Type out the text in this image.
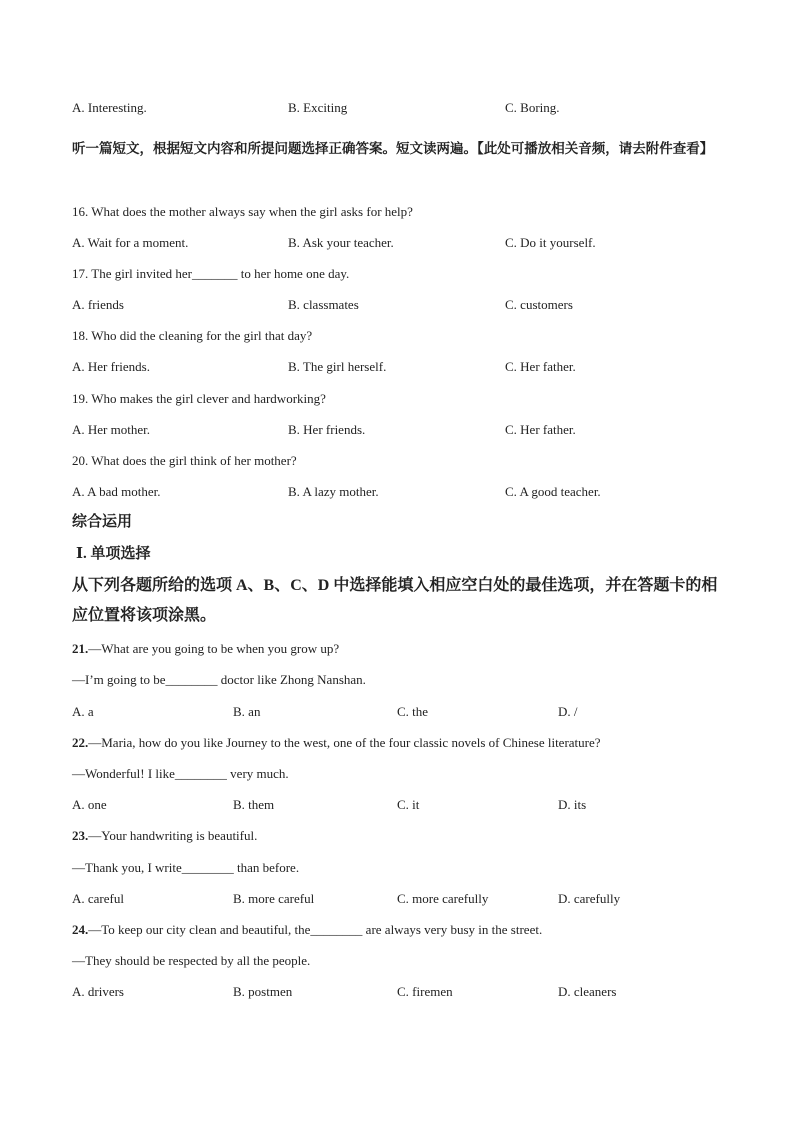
A. Interesting.	B. Exciting	C. Boring.
听一篇短文，根据短文内容和所提问题选择正确答案。短文读两遍。【此处可播放相关音频，请去附件查看】
16. What does the mother always say when the girl asks for help?
A. Wait for a moment.	B. Ask your teacher.	C. Do it yourself.
17. The girl invited her_______ to her home one day.
A. friends	B. classmates	C. customers
18. Who did the cleaning for the girl that day?
A. Her friends.	B. The girl herself.	C. Her father.
19. Who makes the girl clever and hardworking?
A. Her mother.	B. Her friends.	C. Her father.
20. What does the girl think of her mother?
A. A bad mother.	B. A lazy mother.	C. A good teacher.
综合运用
Ⅰ. 单项选择
从下列各题所给的选项 A、B、C、D 中选择能填入相应空白处的最佳选项，并在答题卡的相
应位置将该项涂黑。
21.—What are you going to be when you grow up?
—I’m going to be________ doctor like Zhong Nanshan.
A. a	B. an	C. the	D. /
22.—Maria, how do you like Journey to the west, one of the four classic novels of Chinese literature?
—Wonderful! I like________ very much.
A. one	B. them	C. it	D. its
23.—Your handwriting is beautiful.
—Thank you, I write________ than before.
A. careful	B. more careful	C. more carefully	D. carefully
24.—To keep our city clean and beautiful, the________ are always very busy in the street.
—They should be respected by all the people.
A. drivers	B. postmen	C. firemen	D. cleaners
